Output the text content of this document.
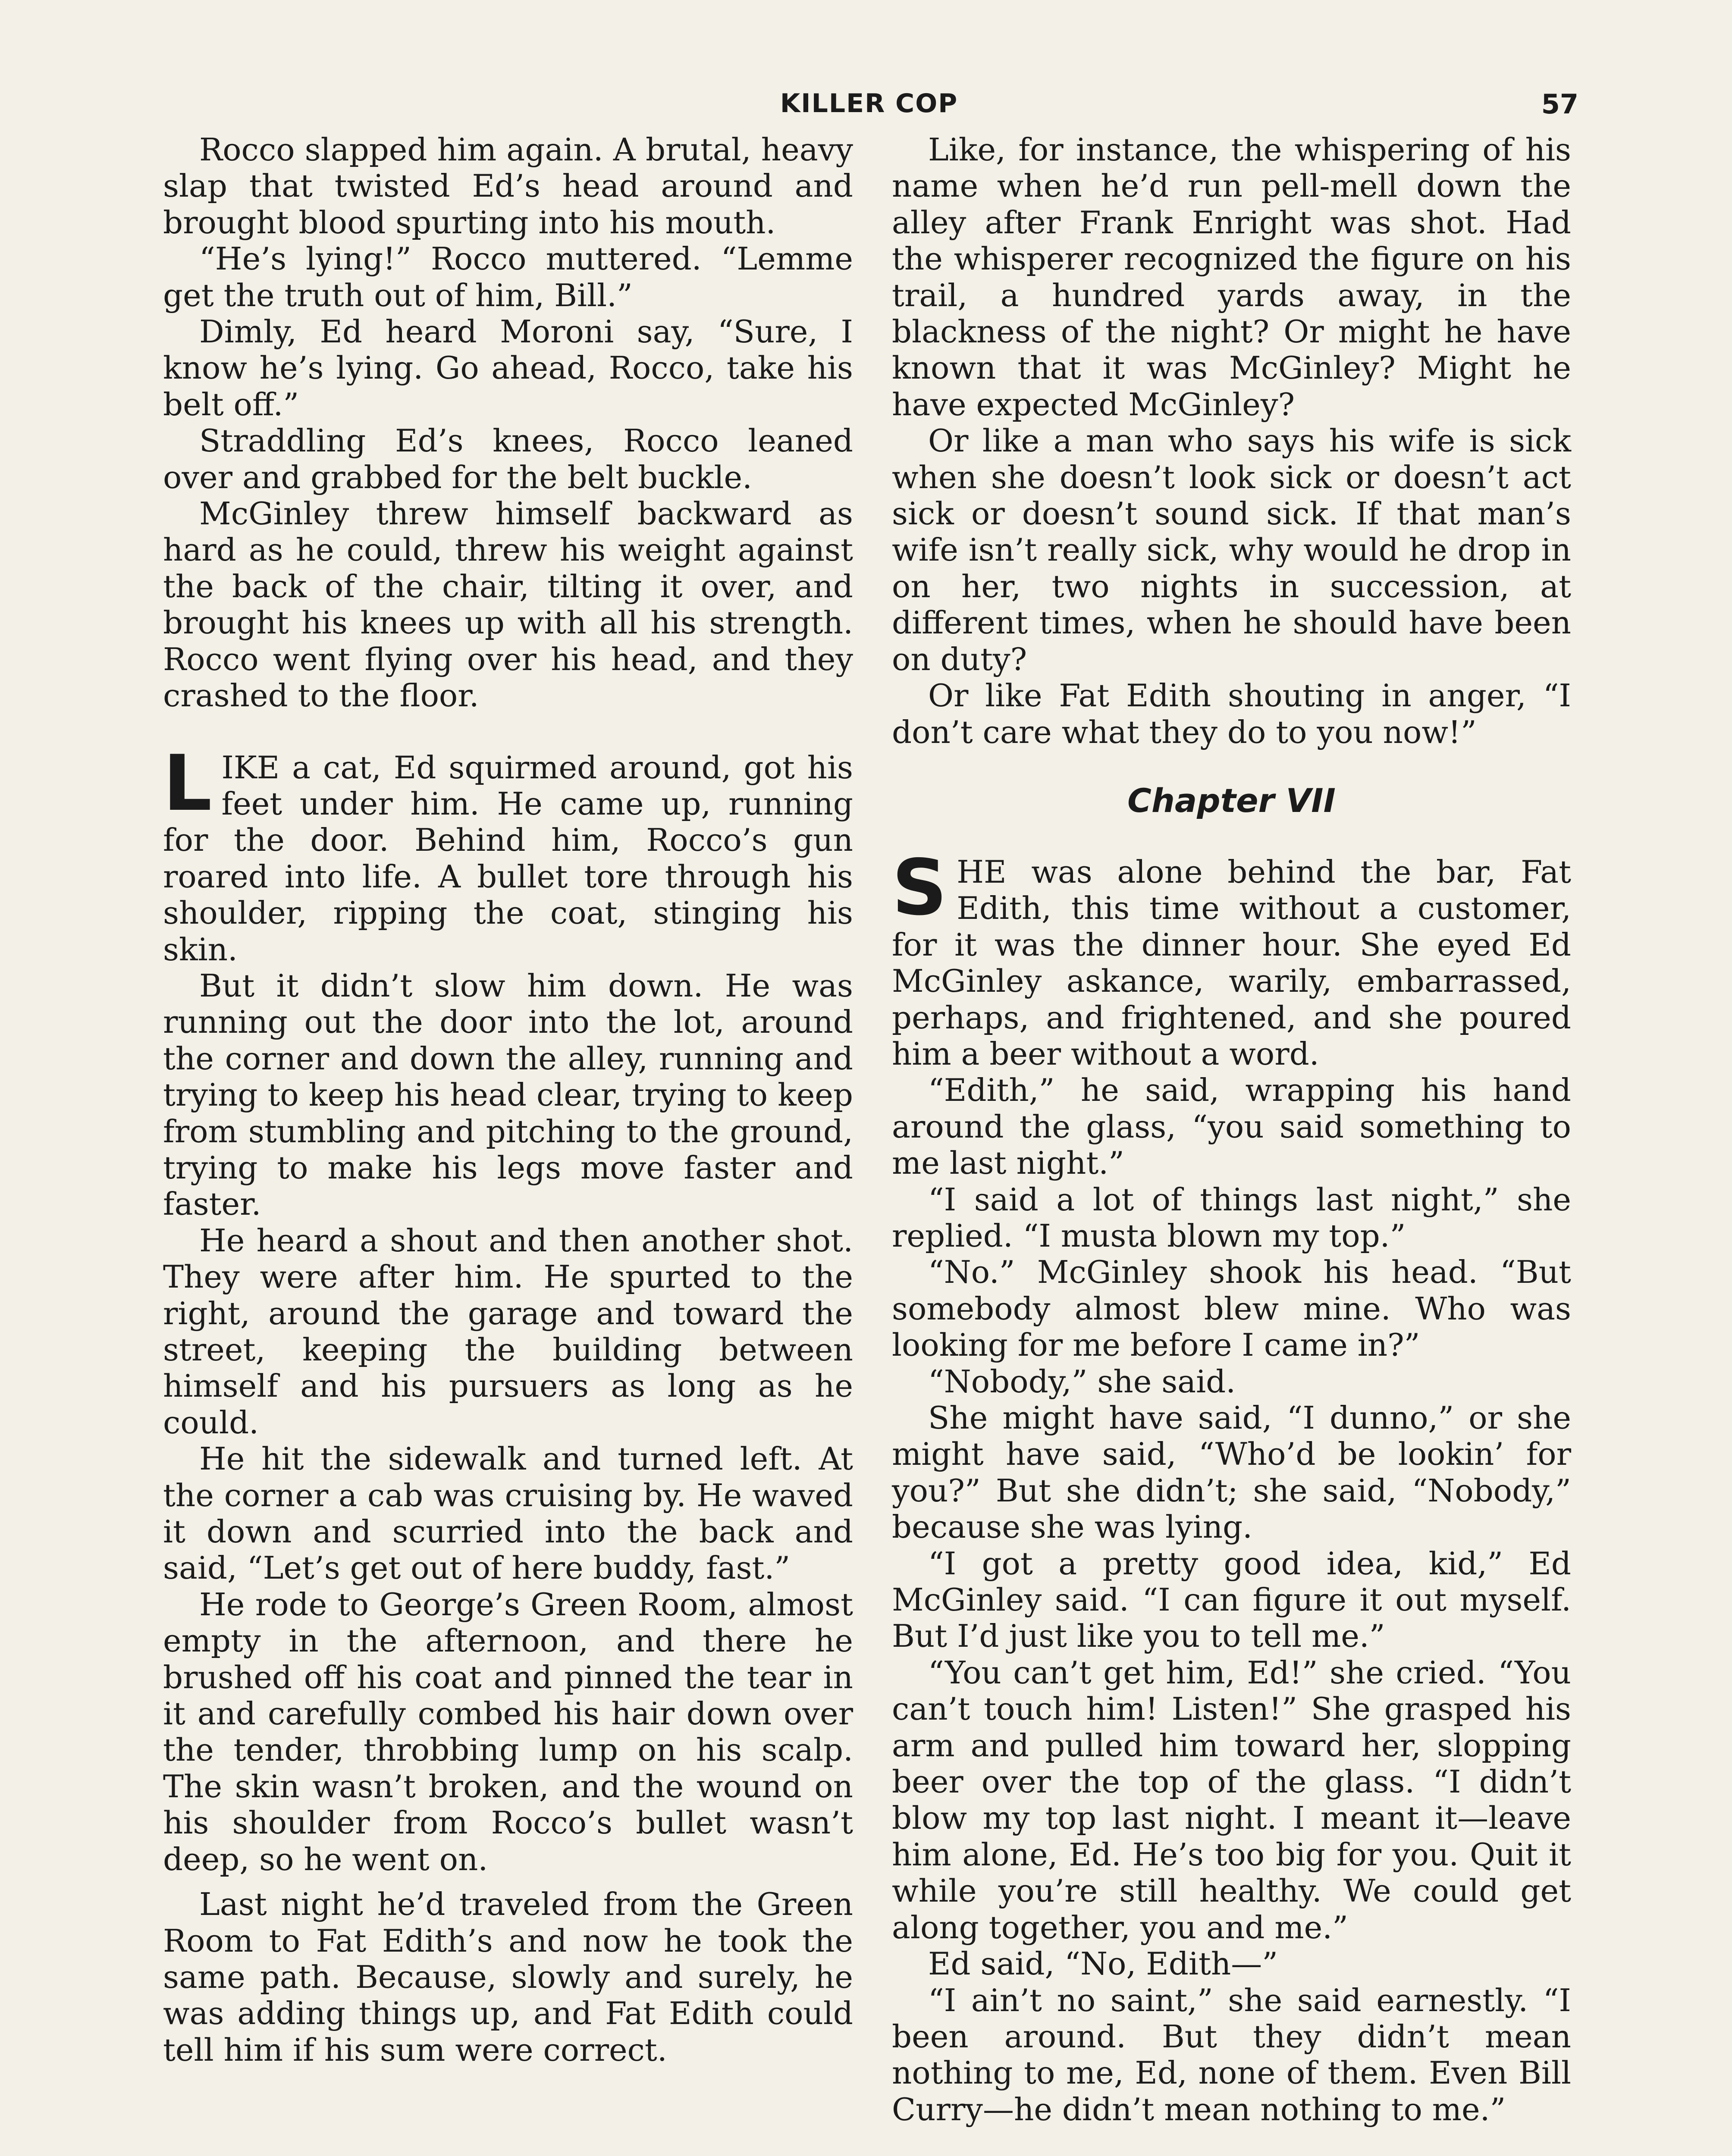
KILLER COP	57

Rocco slapped him again. A brutal, heavy slap that twisted Ed’s head around and brought blood spurting into his mouth.

“He’s lying!” Rocco muttered. “Lemme get the truth out of him, Bill.”

Dimly, Ed heard Moroni say, “Sure, I know he’s lying. Go ahead, Rocco, take his belt off.”

Straddling Ed’s knees, Rocco leaned over and grabbed for the belt buckle.

McGinley threw himself backward as hard as he could, threw his weight against the back of the chair, tilting it over, and brought his knees up with all his strength. Rocco went flying over his head, and they crashed to the floor.

LIKE a cat, Ed squirmed around, got his feet under him. He came up, running for the door. Behind him, Rocco’s gun roared into life. A bullet tore through his shoulder, ripping the coat, stinging his skin.

But it didn’t slow him down. He was running out the door into the lot, around the corner and down the alley, running and trying to keep his head clear, trying to keep from stumbling and pitching to the ground, trying to make his legs move faster and faster.

He heard a shout and then another shot. They were after him. He spurted to the right, around the garage and toward the street, keeping the building between himself and his pursuers as long as he could.

He hit the sidewalk and turned left. At the corner a cab was cruising by. He waved it down and scurried into the back and said, “Let’s get out of here buddy, fast.”

He rode to George’s Green Room, almost empty in the afternoon, and there he brushed off his coat and pinned the tear in it and carefully combed his hair down over the tender, throbbing lump on his scalp. The skin wasn’t broken, and the wound on his shoulder from Rocco’s bullet wasn’t deep, so he went on.

Last night he’d traveled from the Green Room to Fat Edith’s and now he took the same path. Because, slowly and surely, he was adding things up, and Fat Edith could tell him if his sum were correct.

Like, for instance, the whispering of his name when he’d run pell-mell down the alley after Frank Enright was shot. Had the whisperer recognized the figure on his trail, a hundred yards away, in the blackness of the night? Or might he have known that it was McGinley? Might he have expected McGinley?

Or like a man who says his wife is sick when she doesn’t look sick or doesn’t act sick or doesn’t sound sick. If that man’s wife isn’t really sick, why would he drop in on her, two nights in succession, at different times, when he should have been on duty?

Or like Fat Edith shouting in anger, “I don’t care what they do to you now!”

Chapter VII

SHE was alone behind the bar, Fat Edith, this time without a customer, for it was the dinner hour. She eyed Ed McGinley askance, warily, embarrassed, perhaps, and frightened, and she poured him a beer without a word.

“Edith,” he said, wrapping his hand around the glass, “you said something to me last night.”

“I said a lot of things last night,” she replied. “I musta blown my top.”

“No.” McGinley shook his head. “But somebody almost blew mine. Who was looking for me before I came in?”

“Nobody,” she said.

She might have said, “I dunno,” or she might have said, “Who’d be lookin’ for you?” But she didn’t; she said, “Nobody,” because she was lying.

“I got a pretty good idea, kid,” Ed McGinley said. “I can figure it out myself. But I’d just like you to tell me.”

“You can’t get him, Ed!” she cried. “You can’t touch him! Listen!” She grasped his arm and pulled him toward her, slopping beer over the top of the glass. “I didn’t blow my top last night. I meant it—leave him alone, Ed. He’s too big for you. Quit it while you’re still healthy. We could get along together, you and me.”

Ed said, “No, Edith—”

“I ain’t no saint,” she said earnestly. “I been around. But they didn’t mean nothing to me, Ed, none of them. Even Bill Curry—he didn’t mean nothing to me.”
